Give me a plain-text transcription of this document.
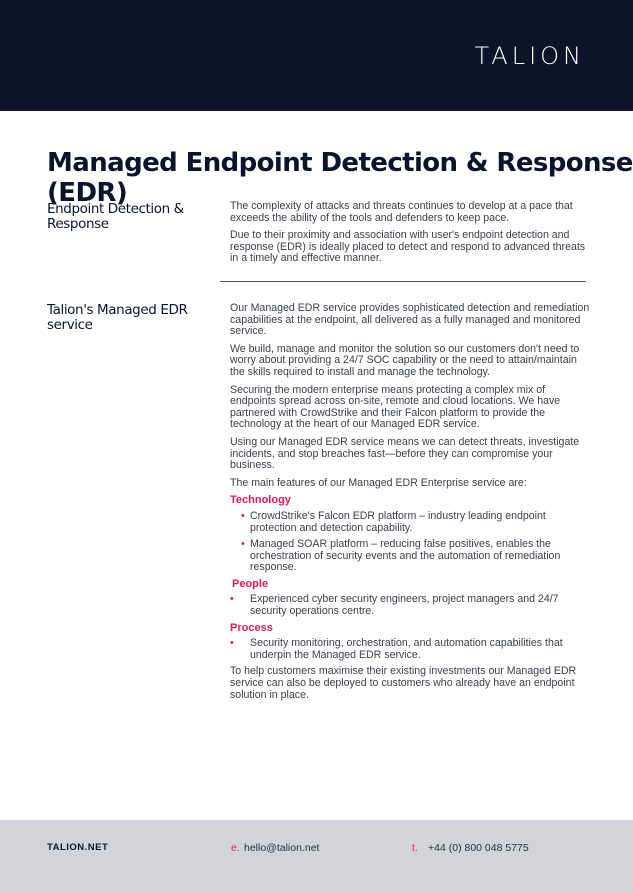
TALION
Managed Endpoint Detection & Response (EDR)
Endpoint Detection & Response

The complexity of attacks and threats continues to develop at a pace that exceeds the ability of the tools and defenders to keep pace.

Due to their proximity and association with user's endpoint detection and response (EDR) is ideally placed to detect and respond to advanced threats in a timely and effective manner.

Talion's Managed EDR service

Our Managed EDR service provides sophisticated detection and remediation capabilities at the endpoint, all delivered as a fully managed and monitored service.

We build, manage and monitor the solution so our customers don't need to worry about providing a 24/7 SOC capability or the need to attain/maintain the skills required to install and manage the technology.

Securing the modern enterprise means protecting a complex mix of endpoints spread across on-site, remote and cloud locations. We have partnered with CrowdStrike and their Falcon platform to provide the technology at the heart of our Managed EDR service.

Using our Managed EDR service means we can detect threats, investigate incidents, and stop breaches fast—before they can compromise your business.

The main features of our Managed EDR Enterprise service are:

Technology
• CrowdStrike's Falcon EDR platform – industry leading endpoint protection and detection capability.
• Managed SOAR platform – reducing false positives, enables the orchestration of security events and the automation of remediation response.
People
• Experienced cyber security engineers, project managers and 24/7 security operations centre.
Process
• Security monitoring, orchestration, and automation capabilities that underpin the Managed EDR service.

To help customers maximise their existing investments our Managed EDR service can also be deployed to customers who already have an endpoint solution in place.

TALION.NET	e. hello@talion.net	t. +44 (0) 800 048 5775
